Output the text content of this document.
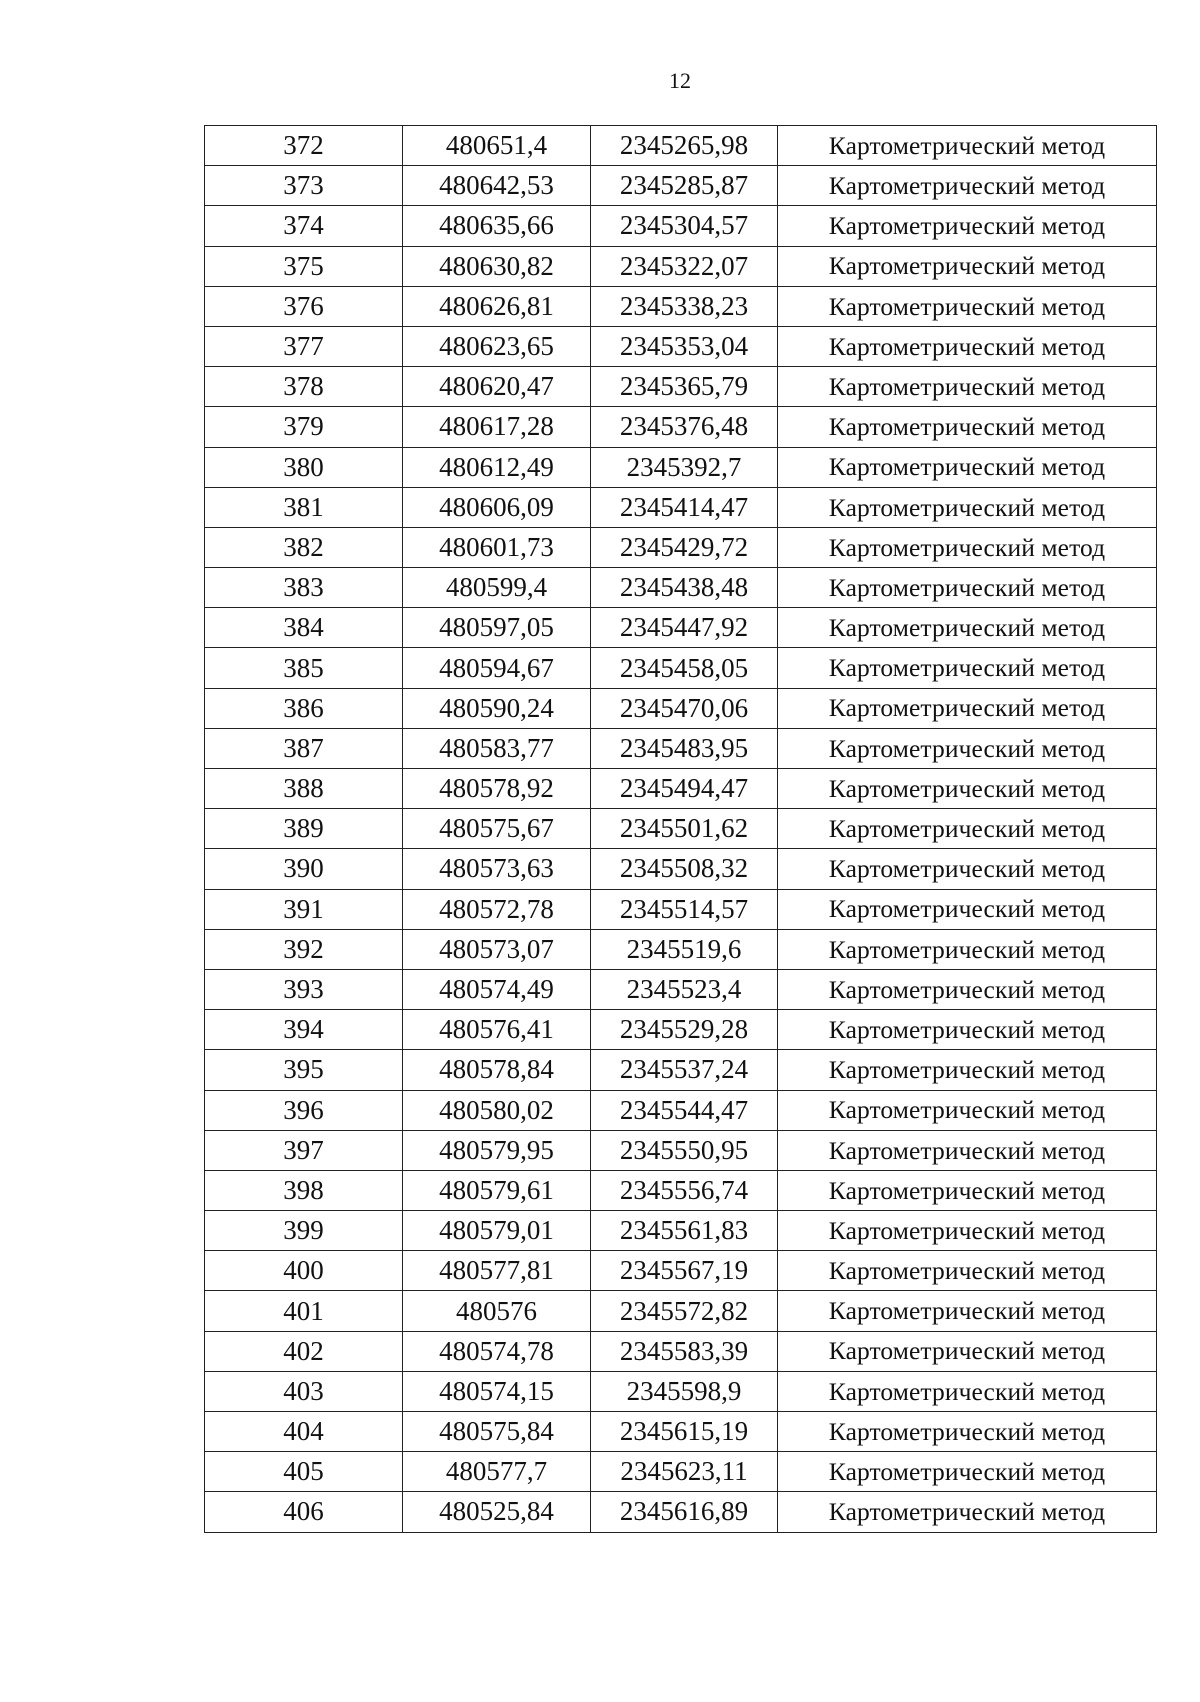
12
372	480651,4	2345265,98	Картометрический метод
373	480642,53	2345285,87	Картометрический метод
374	480635,66	2345304,57	Картометрический метод
375	480630,82	2345322,07	Картометрический метод
376	480626,81	2345338,23	Картометрический метод
377	480623,65	2345353,04	Картометрический метод
378	480620,47	2345365,79	Картометрический метод
379	480617,28	2345376,48	Картометрический метод
380	480612,49	2345392,7	Картометрический метод
381	480606,09	2345414,47	Картометрический метод
382	480601,73	2345429,72	Картометрический метод
383	480599,4	2345438,48	Картометрический метод
384	480597,05	2345447,92	Картометрический метод
385	480594,67	2345458,05	Картометрический метод
386	480590,24	2345470,06	Картометрический метод
387	480583,77	2345483,95	Картометрический метод
388	480578,92	2345494,47	Картометрический метод
389	480575,67	2345501,62	Картометрический метод
390	480573,63	2345508,32	Картометрический метод
391	480572,78	2345514,57	Картометрический метод
392	480573,07	2345519,6	Картометрический метод
393	480574,49	2345523,4	Картометрический метод
394	480576,41	2345529,28	Картометрический метод
395	480578,84	2345537,24	Картометрический метод
396	480580,02	2345544,47	Картометрический метод
397	480579,95	2345550,95	Картометрический метод
398	480579,61	2345556,74	Картометрический метод
399	480579,01	2345561,83	Картометрический метод
400	480577,81	2345567,19	Картометрический метод
401	480576	2345572,82	Картометрический метод
402	480574,78	2345583,39	Картометрический метод
403	480574,15	2345598,9	Картометрический метод
404	480575,84	2345615,19	Картометрический метод
405	480577,7	2345623,11	Картометрический метод
406	480525,84	2345616,89	Картометрический метод
